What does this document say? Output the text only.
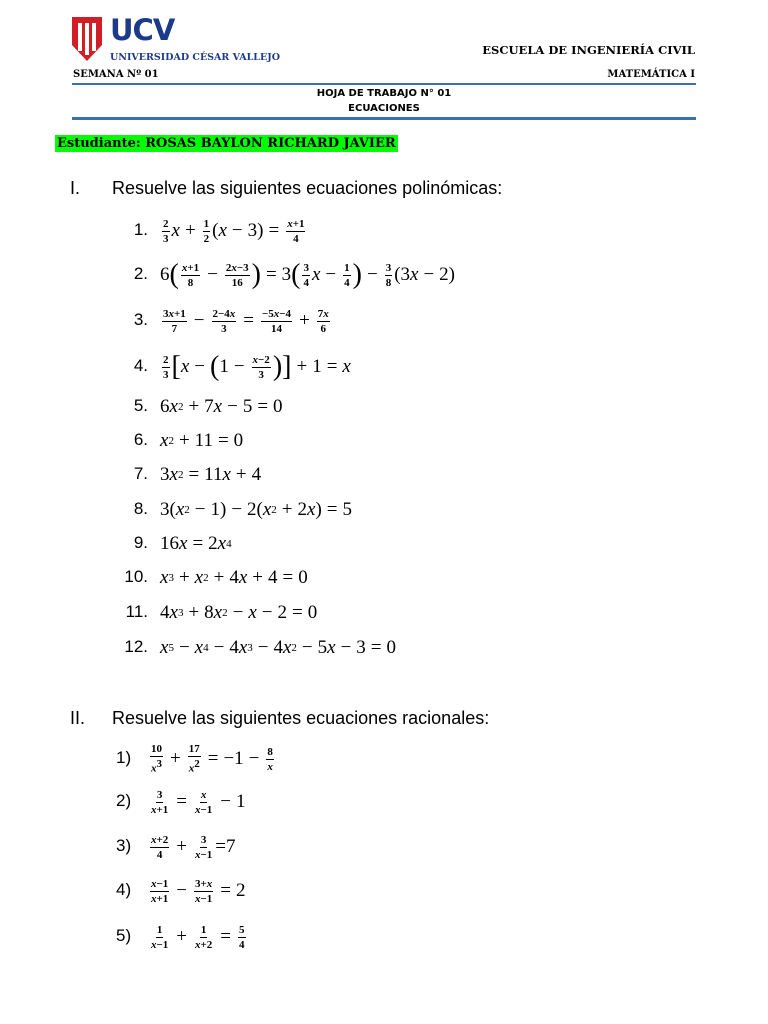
UCV
UNIVERSIDAD CÉSAR VALLEJO
ESCUELA DE INGENIERÍA CIVIL
SEMANA Nº 01	MATEMÁTICA I
HOJA DE TRABAJO N° 01
ECUACIONES
Estudiante: ROSAS BAYLON RICHARD JAVIER
I. Resuelve las siguientes ecuaciones polinómicas:
1. 2
3 $x + \frac{1}{2}$ ( $x - 3) = \frac{x+1}{4}$
2. 6 ( x+1
$8 - \frac{2x-3}{16}$ ) = 3 ( 3
4 $x - \frac{1}{4}$ ) − $\frac{3}{8} (3$ x − 2)
3. 3x+1
$7 - \frac{2-4x}{3} = \frac{-5x-4}{14} + \frac{7x}{6}$
4. 2
3 [ x − ( $1 - \frac{x-2}{3}$ )] + 1 = x
5. 6 x 2 + 7 x − 5 = 0
6. x 2 + 11 = 0
7. 3 x 2 = 11 x + 4
8. 3( x 2 − 1) − 2( x 2 + 2 x ) = 5
9. 16 x = 2 x 4
10. x 3 + x 2 + 4 x + 4 = 0
11. 4 x 3 + 8 x 2 − x − 2 = 0
12. x 5 − x 4 − 4 x 3 − 4 x 2 − 5 x − 3 = 0
II. Resuelve las siguientes ecuaciones racionales:
1)	10
$x^3 + \frac{17}{x^2} = -1 - \frac{8}{x}$
2)	$\frac{3}{x+1} = \frac{x}{x-1} - 1$
3)	x+2
$4 + \frac{3}{x-1} =7$
4)	x−1
$x+1 - \frac{3+x}{x-1} = 2$
5)	1
$x-1 + \frac{1}{x+2} = \frac{5}{4}$
